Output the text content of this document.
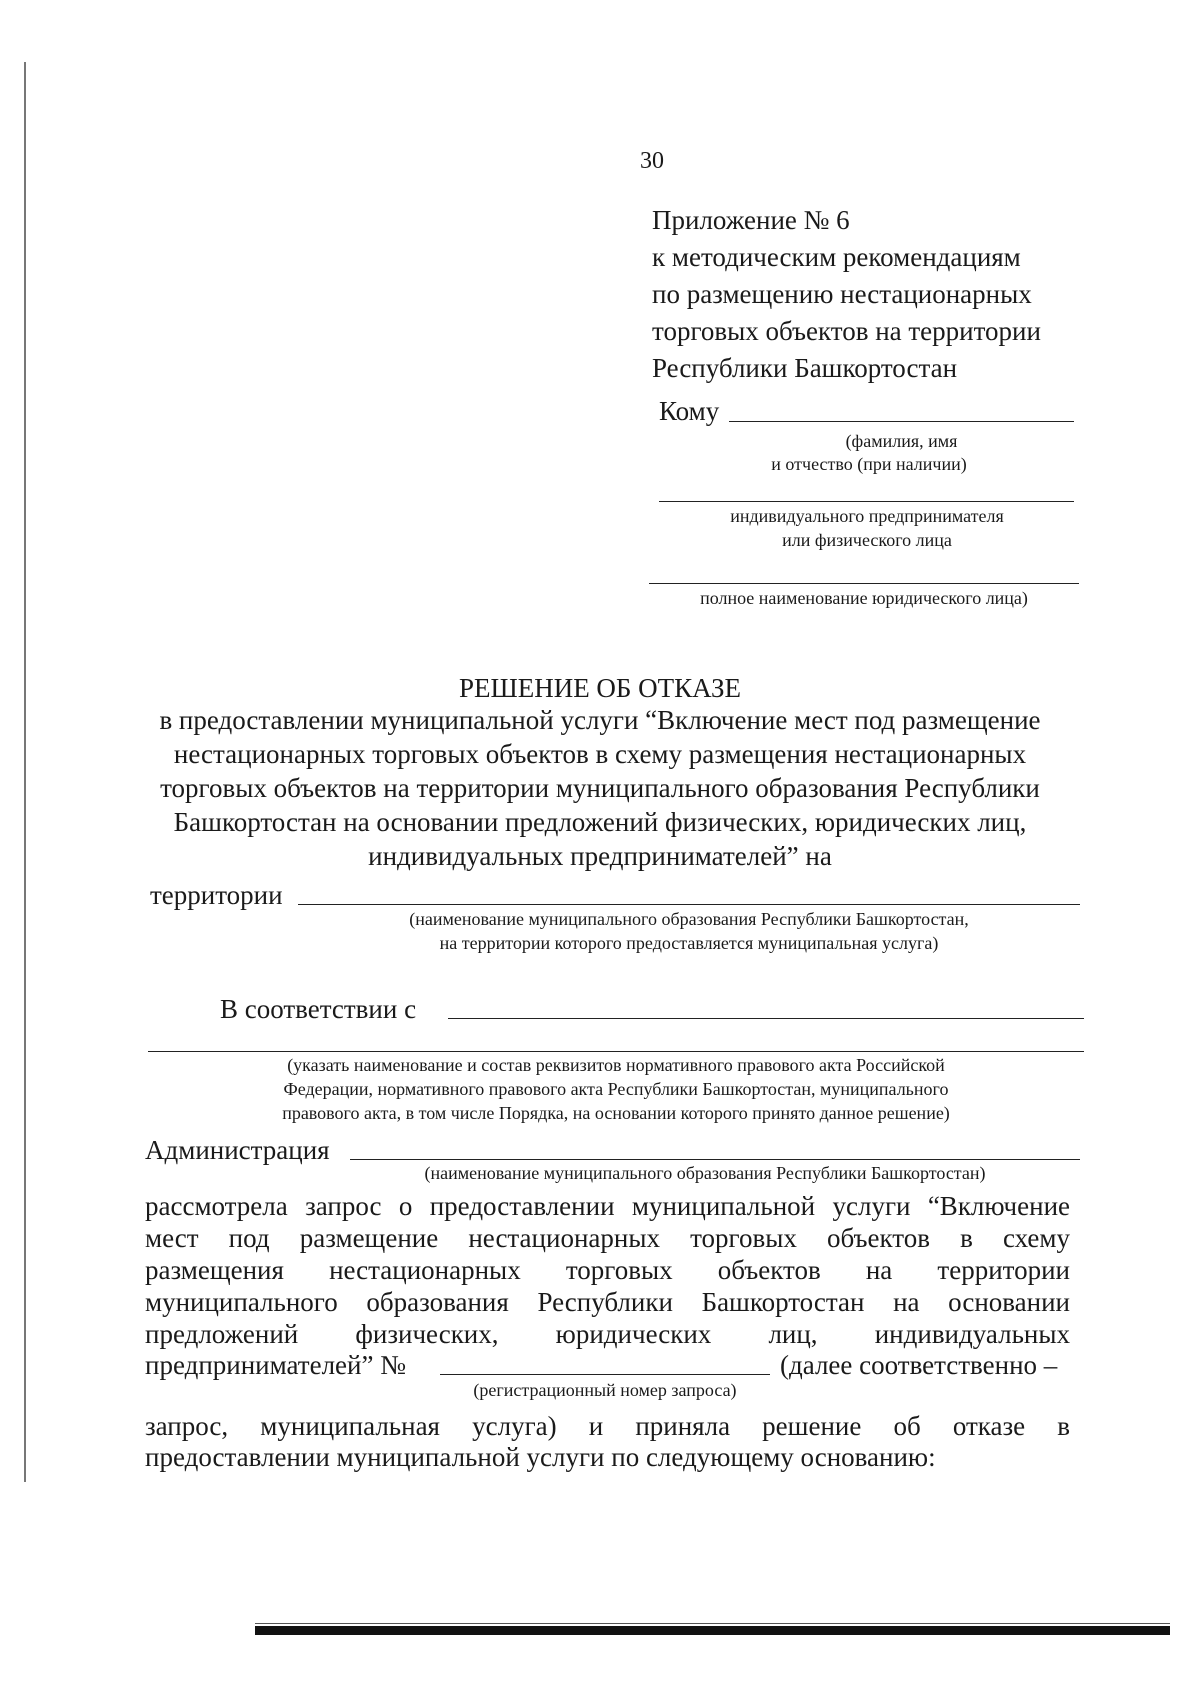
30
Приложение № 6
к методическим рекомендациям
по размещению нестационарных
торговых объектов на территории
Республики Башкортостан
Кому
(фамилия, имя
и отчество (при наличии)
индивидуального предпринимателя
или физического лица
полное наименование юридического лица)
РЕШЕНИЕ ОБ ОТКАЗЕ
в предоставлении муниципальной услуги “Включение мест под размещение нестационарных торговых объектов в схему размещения нестационарных торговых объектов на территории муниципального образования Республики Башкортостан на основании предложений физических, юридических лиц, индивидуальных предпринимателей” на
территории
(наименование муниципального образования Республики Башкортостан,
на территории которого предоставляется муниципальная услуга)
В соответствии с
(указать наименование и состав реквизитов нормативного правового акта Российской
Федерации, нормативного правового акта Республики Башкортостан, муниципального
правового акта, в том числе Порядка, на основании которого принято данное решение)
Администрация
(наименование муниципального образования Республики Башкортостан)
рассмотрела запрос о предоставлении муниципальной услуги “Включение
мест под размещение нестационарных торговых объектов в схему
размещения нестационарных торговых объектов на территории
муниципального образования Республики Башкортостан на основании
предложений физических, юридических лиц, индивидуальных
предпринимателей” №	(далее соответственно –
(регистрационный номер запроса)
запрос, муниципальная услуга) и приняла решение об отказе в
предоставлении муниципальной услуги по следующему основанию:
